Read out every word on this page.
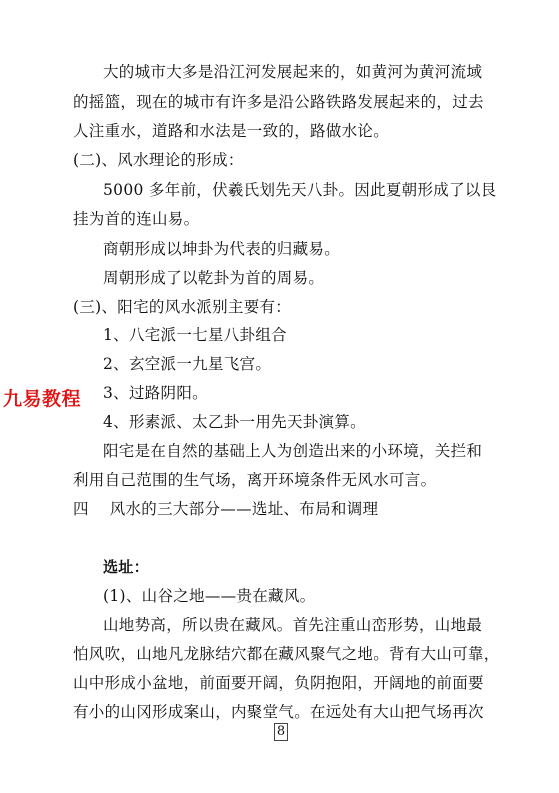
大的城市大多是沿江河发展起来的，如黄河为黄河流域
的摇篮，现在的城市有许多是沿公路铁路发展起来的，过去
人注重水，道路和水法是一致的，路做水论。
(二)、风水理论的形成：
5000 多年前，伏羲氏划先天八卦。因此夏朝形成了以艮
挂为首的连山易。
商朝形成以坤卦为代表的归藏易。
周朝形成了以乾卦为首的周易。
(三)、阳宅的风水派别主要有：
1、八宅派一七星八卦组合
2、玄空派一九星飞宫。
3、过路阴阳。
4、形素派、太乙卦一用先天卦演算。
阳宅是在自然的基础上人为创造出来的小环境，关拦和
利用自己范围的生气场，离开环境条件无风水可言。
四    风水的三大部分——选址、布局和调理
选址：
(1)、山谷之地——贵在藏风。
山地势高，所以贵在藏风。首先注重山峦形势，山地最
怕风吹，山地凡龙脉结穴都在藏风聚气之地。背有大山可靠，
山中形成小盆地，前面要开阔，负阴抱阳，开阔地的前面要
有小的山冈形成案山，内聚堂气。在远处有大山把气场再次
九易教程
8
